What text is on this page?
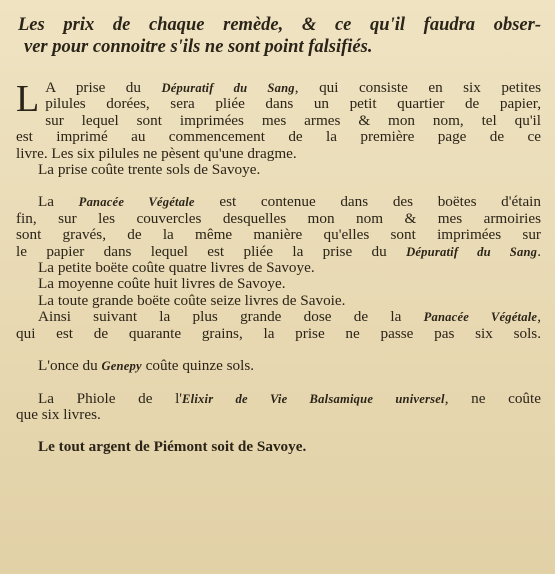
Les prix de chaque remède, & ce qu'il faudra obser-
ver pour connoitre s'ils ne sont point falsifiés.
L A prise du Dépuratif du Sang, qui consiste en six petites
pilules dorées, sera pliée dans un petit quartier de papier,
sur lequel sont imprimées mes armes & mon nom, tel qu'il
est imprimé au commencement de la première page de ce
livre. Les six pilules ne pèsent qu'une dragme.
La prise coûte trente sols de Savoye.
La Panacée Végétale est contenue dans des boëtes d'étain
fin, sur les couvercles desquelles mon nom & mes armoiries
sont gravés, de la même manière qu'elles sont imprimées sur
le papier dans lequel est pliée la prise du Dépuratif du Sang.
La petite boëte coûte quatre livres de Savoye.
La moyenne coûte huit livres de Savoye.
La toute grande boëte coûte seize livres de Savoie.
Ainsi suivant la plus grande dose de la Panacée Végétale,
qui est de quarante grains, la prise ne passe pas six sols.
L'once du Genepy coûte quinze sols.
La Phiole de l'Elixir de Vie Balsamique universel, ne coûte
que six livres.
Le tout argent de Piémont soit de Savoye.
